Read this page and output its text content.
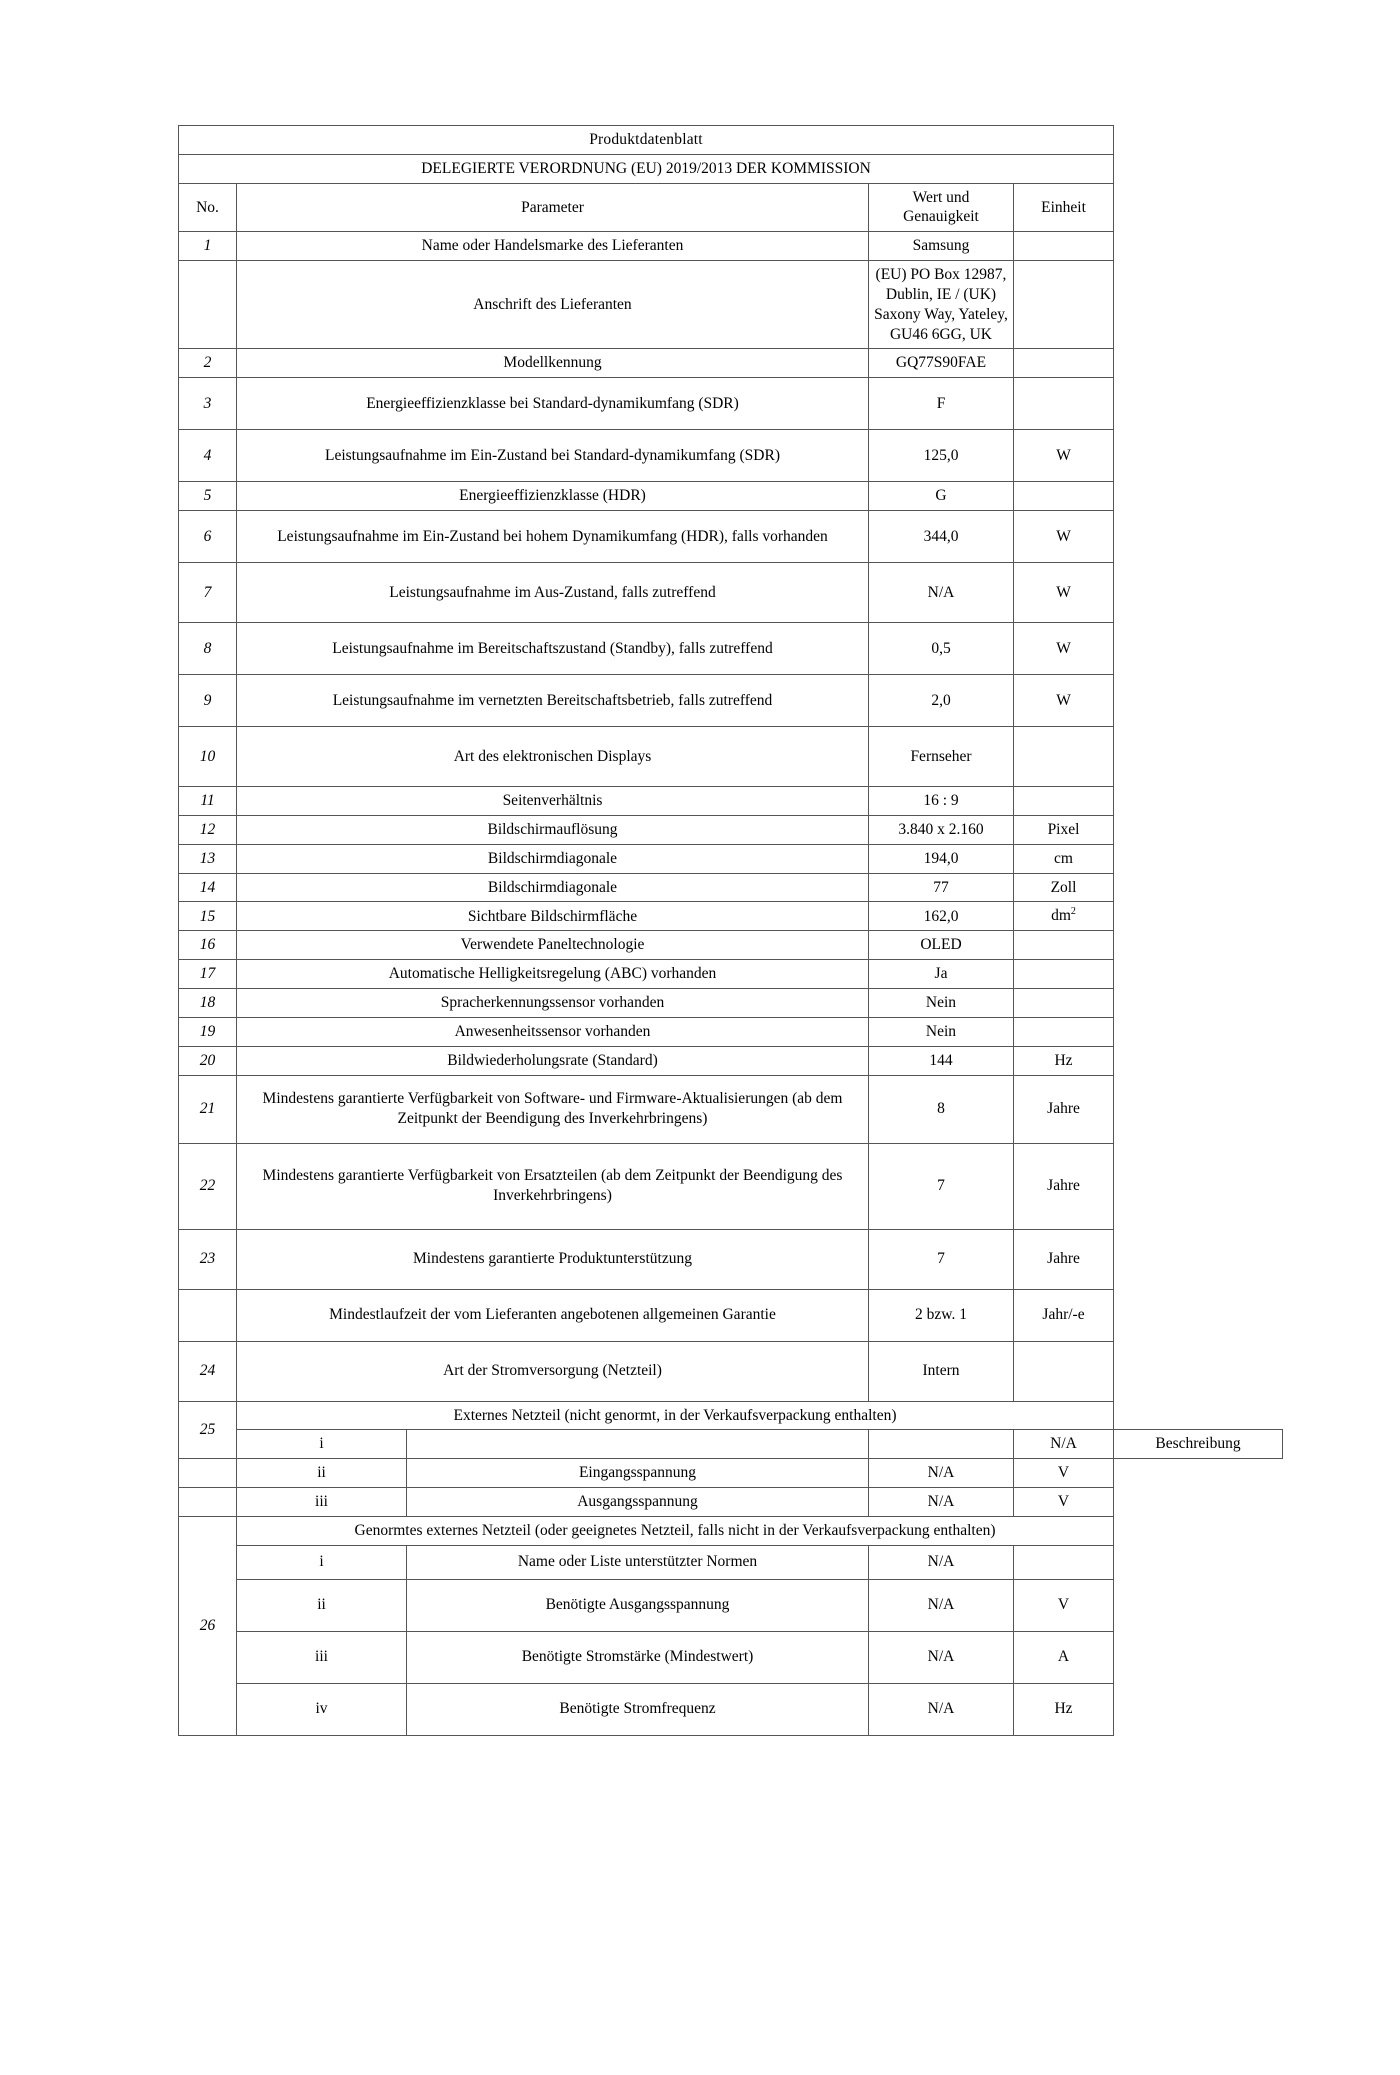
Produktdatenblatt					
DELEGIERTE VERORDNUNG (EU) 2019/2013 DER KOMMISSION					
No.	Parameter		Wert und Genauigkeit	Einheit	
1	Name oder Handelsmarke des Lieferanten		Samsung		
	Anschrift des Lieferanten		(EU) PO Box 12987, Dublin, IE / (UK) Saxony Way, Yateley, GU46 6GG, UK		
2	Modellkennung		GQ77S90FAE		
3	Energieeffizienzklasse bei Standard-dynamikumfang (SDR)		F		
4	Leistungsaufnahme im Ein-Zustand bei Standard-dynamikumfang (SDR)		125,0	W	
5	Energieeffizienzklasse (HDR)		G		
6	Leistungsaufnahme im Ein-Zustand bei hohem Dynamikumfang (HDR), falls vorhanden		344,0	W	
7	Leistungsaufnahme im Aus-Zustand, falls zutreffend		N/A	W	
8	Leistungsaufnahme im Bereitschaftszustand (Standby), falls zutreffend		0,5	W	
9	Leistungsaufnahme im vernetzten Bereitschaftsbetrieb, falls zutreffend		2,0	W	
10	Art des elektronischen Displays		Fernseher		
11	Seitenverhältnis		16 : 9		
12	Bildschirmauflösung		3.840 x 2.160	Pixel	
13	Bildschirmdiagonale		194,0	cm	
14	Bildschirmdiagonale		77	Zoll	
15	Sichtbare Bildschirmfläche		162,0	$dm^2$
16	Verwendete Paneltechnologie		OLED		
17	Automatische Helligkeitsregelung (ABC) vorhanden		Ja		
18	Spracherkennungssensor vorhanden		Nein		
19	Anwesenheitssensor vorhanden		Nein		
20	Bildwiederholungsrate (Standard)		144	Hz	
21	Mindestens garantierte Verfügbarkeit von Software- und Firmware-Aktualisierungen (ab dem Zeitpunkt der Beendigung des Inverkehrbringens)		8	Jahre	
22	Mindestens garantierte Verfügbarkeit von Ersatzteilen (ab dem Zeitpunkt der Beendigung des Inverkehrbringens)		7	Jahre	
23	Mindestens garantierte Produktunterstützung		7	Jahre	
	Mindestlaufzeit der vom Lieferanten angebotenen allgemeinen Garantie		2 bzw. 1	Jahr/-e	
24	Art der Stromversorgung (Netzteil)		Intern		
25	Externes Netzteil (nicht genormt, in der Verkaufsverpackung enthalten)				
	i			N/A	Beschreibung
	ii	Eingangsspannung	N/A	V	
	iii	Ausgangsspannung	N/A	V	
26	Genormtes externes Netzteil (oder geeignetes Netzteil, falls nicht in der Verkaufsverpackung enthalten)				
	i	Name oder Liste unterstützter Normen	N/A		
	ii	Benötigte Ausgangsspannung	N/A	V	
	iii	Benötigte Stromstärke (Mindestwert)	N/A	A	
	iv	Benötigte Stromfrequenz	N/A	Hz	
